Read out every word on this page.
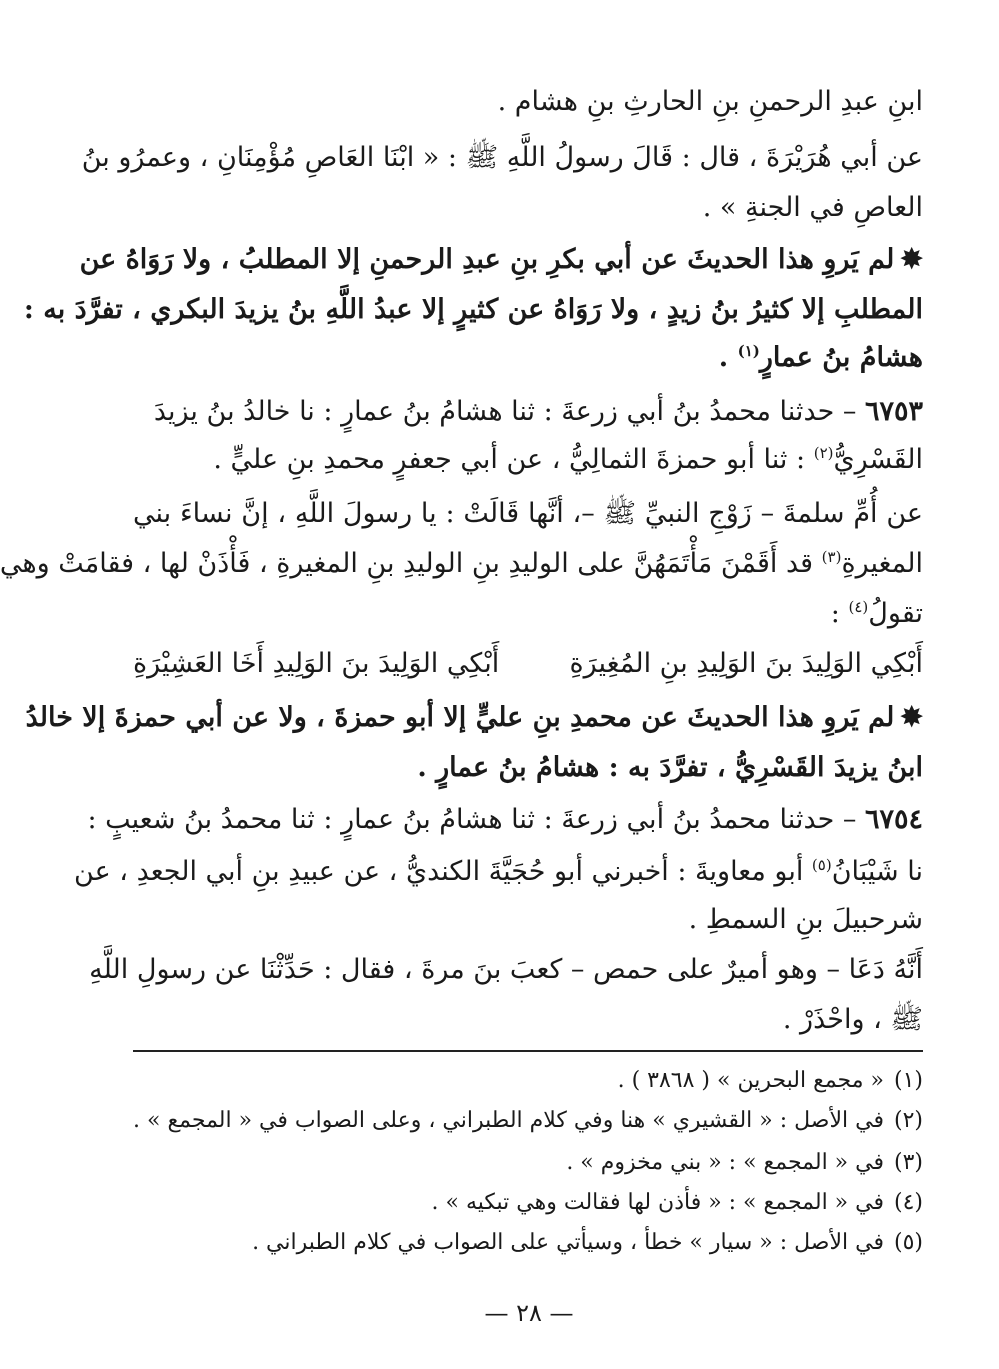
ابنِ عبدِ الرحمنِ بنِ الحارثِ بنِ هشام .
عن أبي هُرَيْرَةَ ، قال : قَالَ رسولُ اللَّهِ ﷺ : « ابْنَا العَاصِ مُؤْمِنَانِ ، وعمرُو بنُ
العاصِ في الجنةِ » .
✸لم يَروِ هذا الحديثَ عن أبي بكرِ بنِ عبدِ الرحمنِ إلا المطلبُ ، ولا رَوَاهُ عن
المطلبِ إلا كثيرُ بنُ زيدٍ ، ولا رَوَاهُ عن كثيرٍ إلا عبدُ اللَّهِ بنُ يزيدَ البكري ، تفرَّدَ به :
هشامُ بنُ عمارٍ$^{(١)}$ .
٦٧٥٣ – حدثنا محمدُ بنُ أبي زرعةَ : ثنا هشامُ بنُ عمارٍ : نا خالدُ بنُ يزيدَ
القَسْرِيُّ$^{(٢)}$ : ثنا أبو حمزةَ الثمالِيُّ ، عن أبي جعفرٍ محمدِ بنِ عليٍّ .
عن أُمِّ سلمةَ – زَوْجِ النبيِّ ﷺ –، أنَّها قَالَتْ : يا رسولَ اللَّهِ ، إنَّ نساءَ بني
المغيرةِ$^{(٣)}$ قد أَقَمْنَ مَأْتَمَهُنَّ على الوليدِ بنِ الوليدِ بنِ المغيرةِ ، فَأْذَنْ لها ، فقامَتْ وهي
تقولُ$^{(٤)}$ :
أَبْكِي الوَلِيدَ بنَ الوَلِيدِ بنِ المُغِيرَةِ
أَبْكِي الوَلِيدَ بنَ الوَلِيدِ أَخَا العَشِيْرَةِ
✸لم يَروِ هذا الحديثَ عن محمدِ بنِ عليٍّ إلا أبو حمزةَ ، ولا عن أبي حمزةَ إلا خالدُ
ابنُ يزيدَ القَسْرِيُّ ، تفرَّدَ به : هشامُ بنُ عمارٍ .
٦٧٥٤ – حدثنا محمدُ بنُ أبي زرعةَ : ثنا هشامُ بنُ عمارٍ : ثنا محمدُ بنُ شعيبٍ :
نا شَيْبَانُ$^{(٥)}$ أبو معاويةَ : أخبرني أبو حُجَيَّةَ الكنديُّ ، عن عبيدِ بنِ أبي الجعدِ ، عن
شرحبيلَ بنِ السمطِ .
أَنَّهُ دَعَا – وهو أميرٌ على حمص – كعبَ بنَ مرةَ ، فقال : حَدِّثْنَا عن رسولِ اللَّهِ
ﷺ ، واحْذَرْ .
(١)« مجمع البحرين » ( ٣٨٦٨ ) .
(٢)في الأصل : « القشيري » هنا وفي كلام الطبراني ، وعلى الصواب في « المجمع » .
(٣)في « المجمع » : « بني مخزوم » .
(٤)في « المجمع » : « فأذن لها فقالت وهي تبكيه » .
(٥)في الأصل : « سيار » خطأ ، وسيأتي على الصواب في كلام الطبراني .
— ٢٨ —
